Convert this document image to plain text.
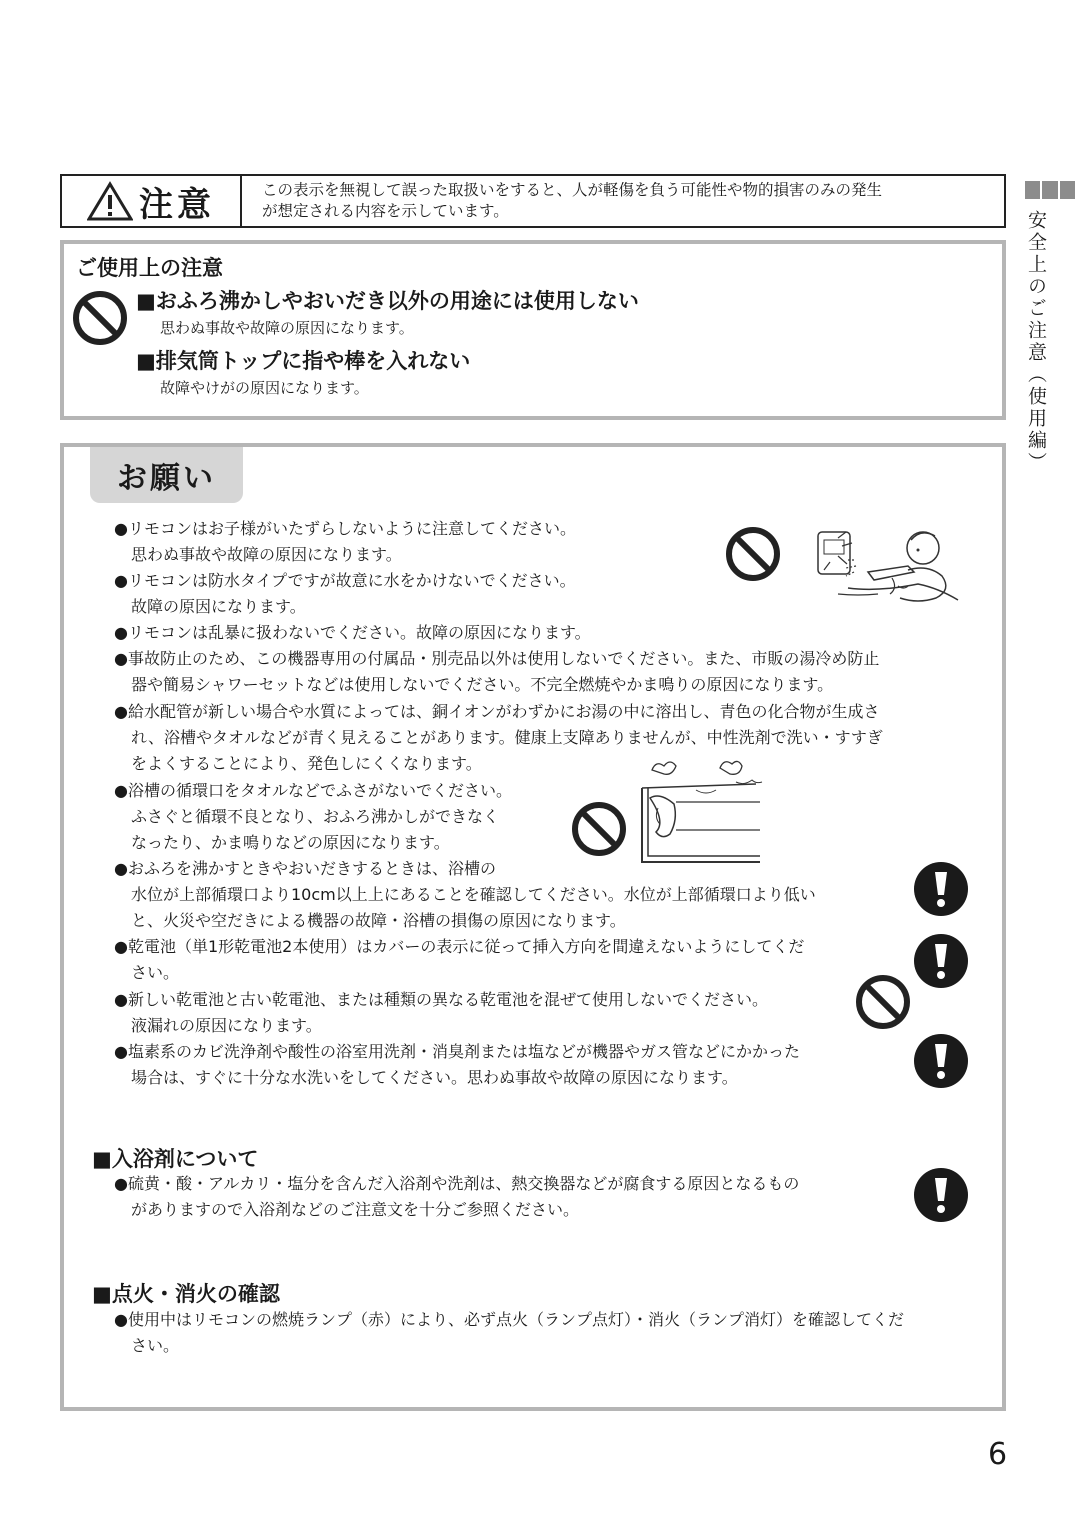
注意	この表示を無視して誤った取扱いをすると、人が軽傷を負う可能性や物的損害のみの発生
が想定される内容を示しています。
ご使用上の注意
■おふろ沸かしやおいだき以外の用途には使用しない
思わぬ事故や故障の原因になります。
■排気筒トップに指や棒を入れない
故障やけがの原因になります。
お願い
●リモコンはお子様がいたずらしないように注意してください。
思わぬ事故や故障の原因になります。
●リモコンは防水タイプですが故意に水をかけないでください。
故障の原因になります。
●リモコンは乱暴に扱わないでください。故障の原因になります。
●事故防止のため、この機器専用の付属品・別売品以外は使用しないでください。また、市販の湯冷め防止
器や簡易シャワーセットなどは使用しないでください。不完全燃焼やかま鳴りの原因になります。
●給水配管が新しい場合や水質によっては、銅イオンがわずかにお湯の中に溶出し、青色の化合物が生成さ
れ、浴槽やタオルなどが青く見えることがあります。健康上支障ありませんが、中性洗剤で洗い・すすぎ
をよくすることにより、発色しにくくなります。
●浴槽の循環口をタオルなどでふさがないでください。
ふさぐと循環不良となり、おふろ沸かしができなく
なったり、かま鳴りなどの原因になります。
●おふろを沸かすときやおいだきするときは、浴槽の
水位が上部循環口より10cm以上上にあることを確認してください。水位が上部循環口より低い
と、火災や空だきによる機器の故障・浴槽の損傷の原因になります。
●乾電池（単1形乾電池2本使用）はカバーの表示に従って挿入方向を間違えないようにしてくだ
さい。
●新しい乾電池と古い乾電池、または種類の異なる乾電池を混ぜて使用しないでください。
液漏れの原因になります。
●塩素系のカビ洗浄剤や酸性の浴室用洗剤・消臭剤または塩などが機器やガス管などにかかった
場合は、すぐに十分な水洗いをしてください。思わぬ事故や故障の原因になります。
■入浴剤について
●硫黄・酸・アルカリ・塩分を含んだ入浴剤や洗剤は、熱交換器などが腐食する原因となるもの
がありますので入浴剤などのご注意文を十分ご参照ください。
■点火・消火の確認
●使用中はリモコンの燃焼ランプ（赤）により、必ず点火（ランプ点灯）・消火（ランプ消灯）を確認してくだ
さい。
安全上のご注意（使用編）
6
